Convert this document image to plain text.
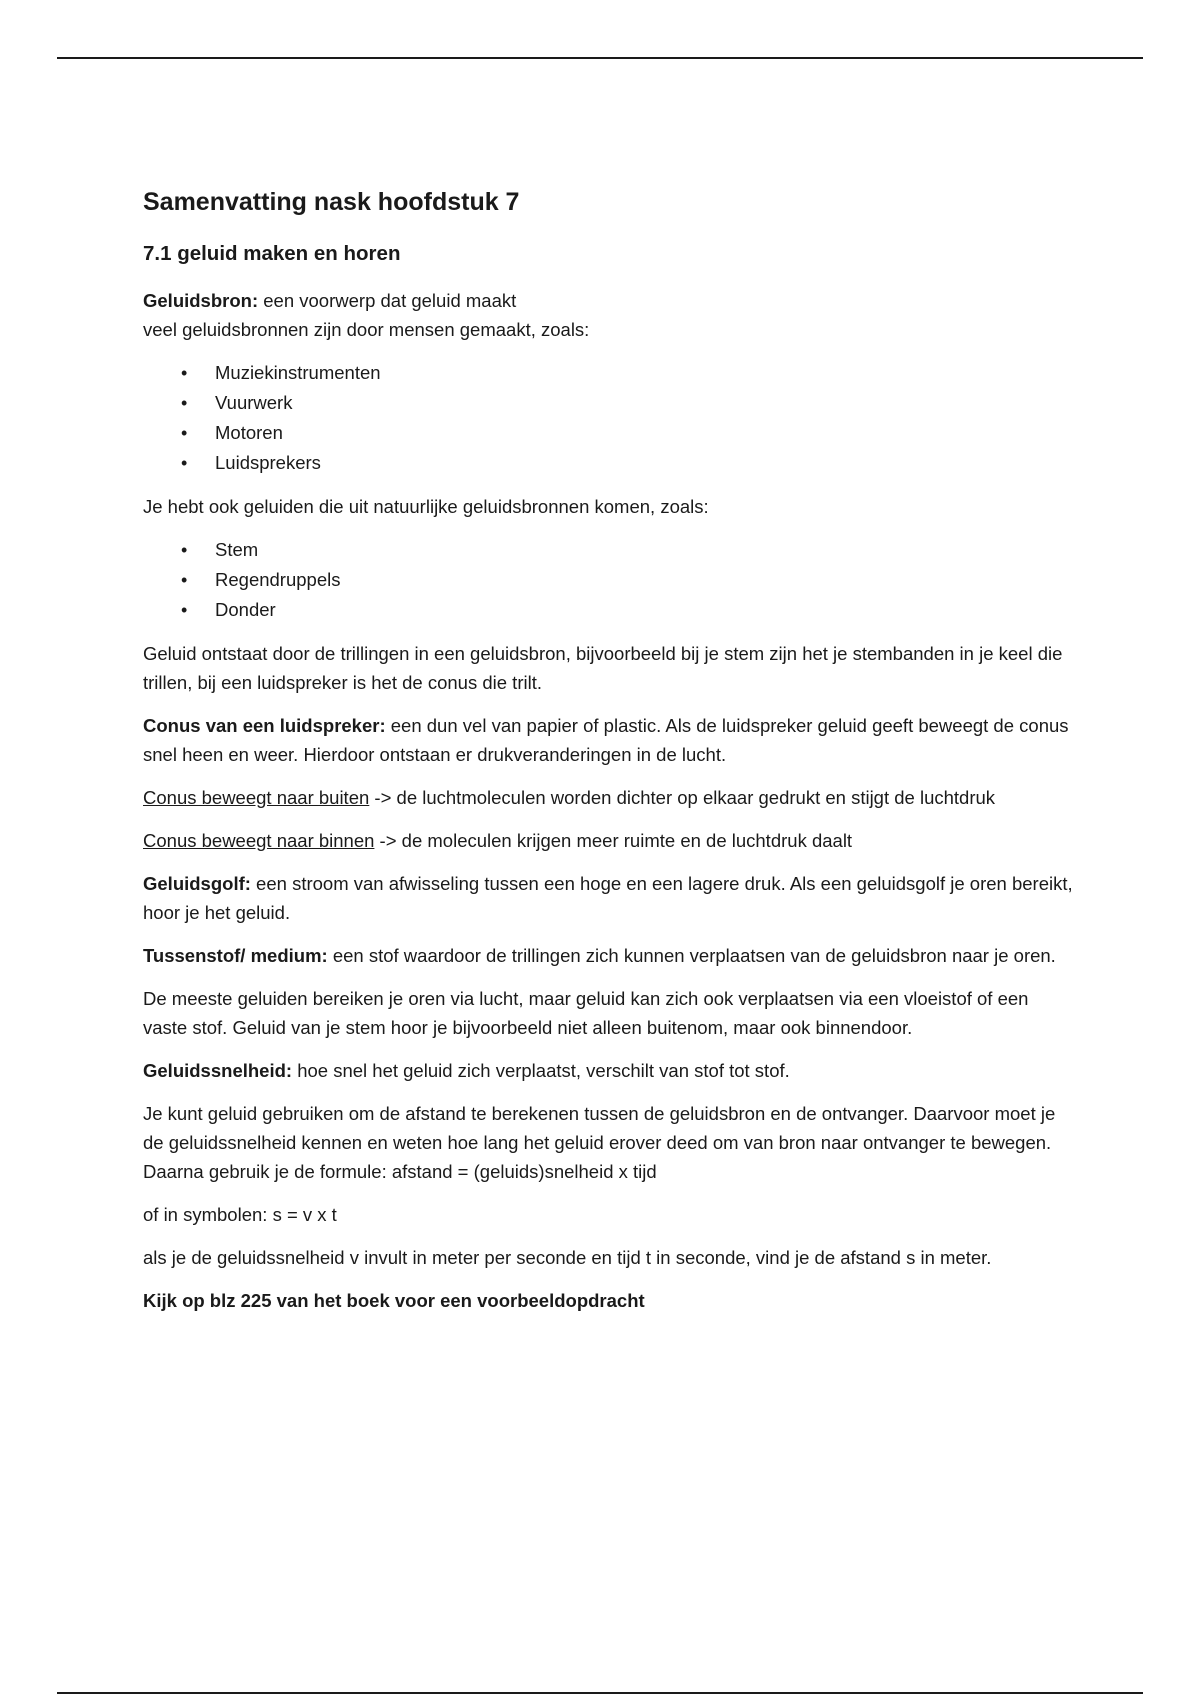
Samenvatting nask hoofdstuk 7
7.1 geluid maken en horen

Geluidsbron: een voorwerp dat geluid maakt
veel geluidsbronnen zijn door mensen gemaakt, zoals:

• Muziekinstrumenten
• Vuurwerk
• Motoren
• Luidsprekers

Je hebt ook geluiden die uit natuurlijke geluidsbronnen komen, zoals:

• Stem
• Regendruppels
• Donder

Geluid ontstaat door de trillingen in een geluidsbron, bijvoorbeeld bij je stem zijn het je stembanden in je keel die trillen, bij een luidspreker is het de conus die trilt.

Conus van een luidspreker: een dun vel van papier of plastic. Als de luidspreker geluid geeft beweegt de conus snel heen en weer. Hierdoor ontstaan er drukveranderingen in de lucht.

Conus beweegt naar buiten -> de luchtmoleculen worden dichter op elkaar gedrukt en stijgt de luchtdruk

Conus beweegt naar binnen -> de moleculen krijgen meer ruimte en de luchtdruk daalt

Geluidsgolf: een stroom van afwisseling tussen een hoge en een lagere druk. Als een geluidsgolf je oren bereikt, hoor je het geluid.

Tussenstof/ medium: een stof waardoor de trillingen zich kunnen verplaatsen van de geluidsbron naar je oren.

De meeste geluiden bereiken je oren via lucht, maar geluid kan zich ook verplaatsen via een vloeistof of een vaste stof. Geluid van je stem hoor je bijvoorbeeld niet alleen buitenom, maar ook binnendoor.

Geluidssnelheid: hoe snel het geluid zich verplaatst, verschilt van stof tot stof.

Je kunt geluid gebruiken om de afstand te berekenen tussen de geluidsbron en de ontvanger. Daarvoor moet je de geluidssnelheid kennen en weten hoe lang het geluid erover deed om van bron naar ontvanger te bewegen. Daarna gebruik je de formule: afstand = (geluids)snelheid x tijd

of in symbolen: s = v x t

als je de geluidssnelheid v invult in meter per seconde en tijd t in seconde, vind je de afstand s in meter.

Kijk op blz 225 van het boek voor een voorbeeldopdracht
